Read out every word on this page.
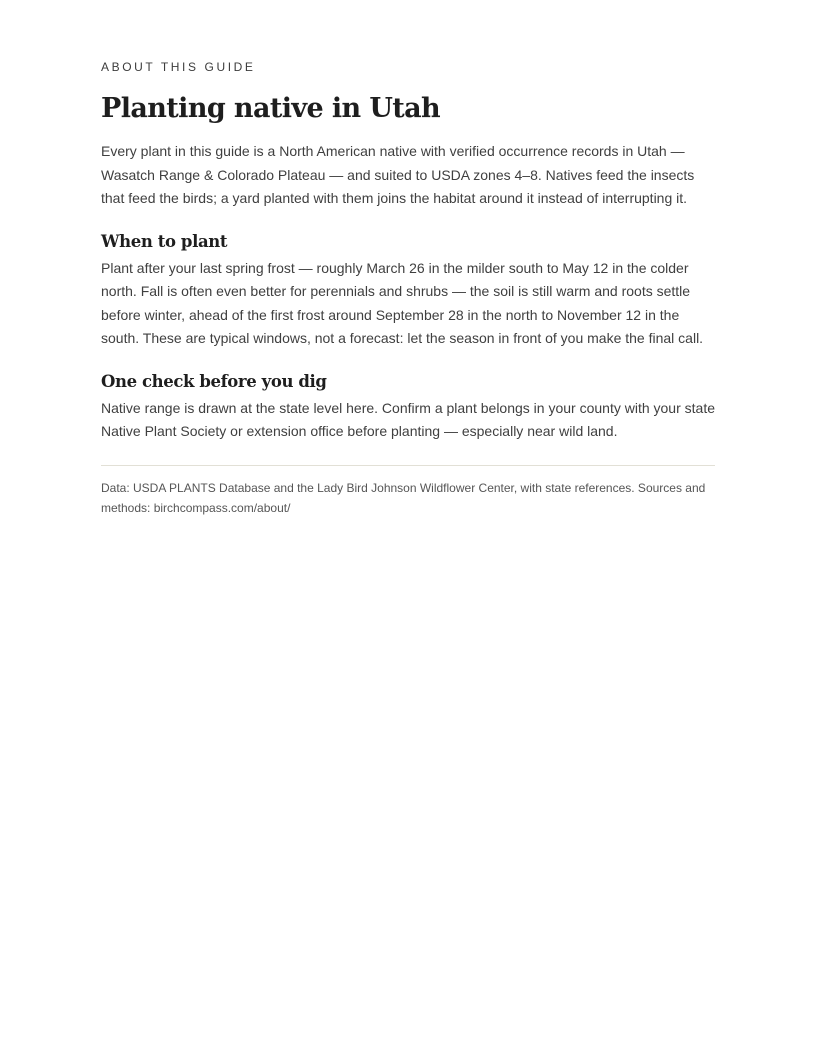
ABOUT THIS GUIDE

Planting native in Utah

Every plant in this guide is a North American native with verified occurrence records in Utah — Wasatch Range & Colorado Plateau — and suited to USDA zones 4–8. Natives feed the insects that feed the birds; a yard planted with them joins the habitat around it instead of interrupting it.

When to plant

Plant after your last spring frost — roughly March 26 in the milder south to May 12 in the colder north. Fall is often even better for perennials and shrubs — the soil is still warm and roots settle before winter, ahead of the first frost around September 28 in the north to November 12 in the south. These are typical windows, not a forecast: let the season in front of you make the final call.

One check before you dig

Native range is drawn at the state level here. Confirm a plant belongs in your county with your state Native Plant Society or extension office before planting — especially near wild land.

Data: USDA PLANTS Database and the Lady Bird Johnson Wildflower Center, with state references. Sources and methods: birchcompass.com/about/
